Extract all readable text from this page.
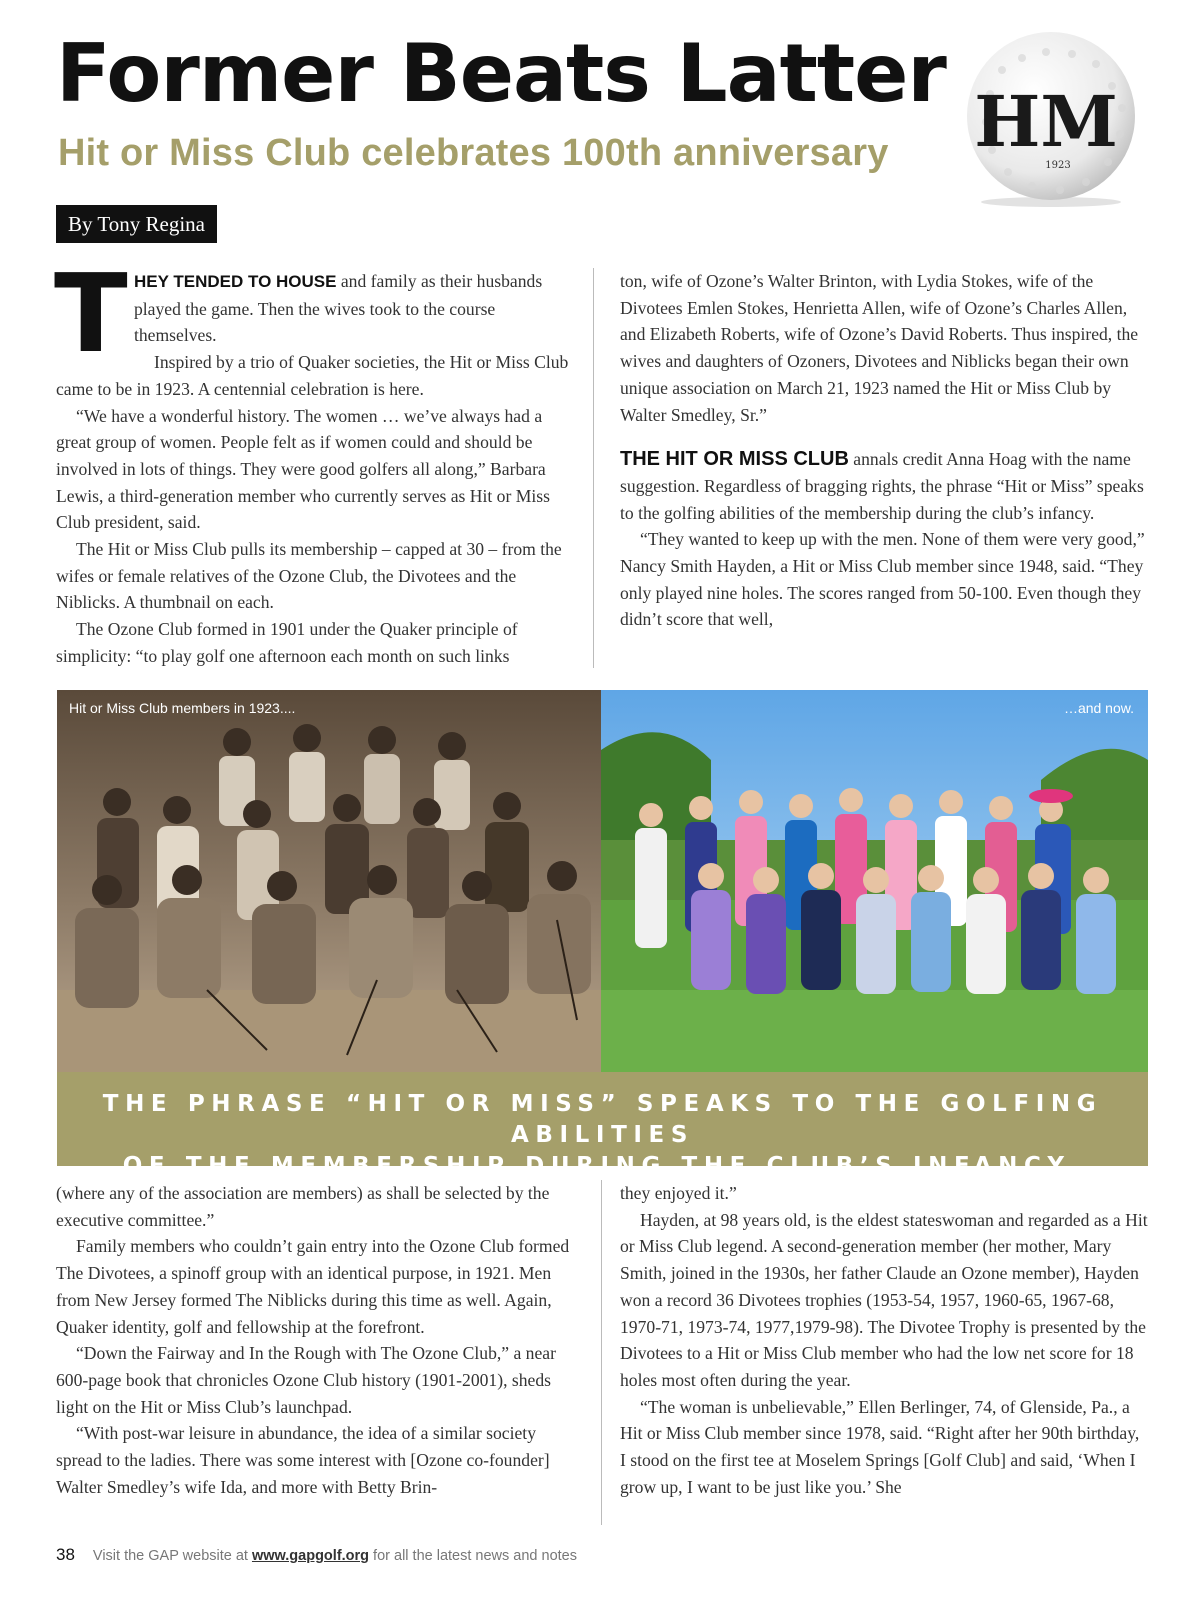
Former Beats Latter
Hit or Miss Club celebrates 100th anniversary HM
1923
By Tony Regina

THEY TENDED TO HOUSE and family as their husbands played the game. Then the wives took to the course themselves.

Inspired by a trio of Quaker societies, the Hit or Miss Club came to be in 1923. A centennial celebration is here.

“We have a wonderful history. The women … we’ve always had a great group of women. People felt as if women could and should be involved in lots of things. They were good golfers all along,” Barbara Lewis, a third-generation member who currently serves as Hit or Miss Club president, said.

The Hit or Miss Club pulls its membership – capped at 30 – from the wifes or female relatives of the Ozone Club, the Divotees and the Niblicks. A thumbnail on each.

The Ozone Club formed in 1901 under the Quaker principle of simplicity: “to play golf one afternoon each month on such links

ton, wife of Ozone’s Walter Brinton, with Lydia Stokes, wife of the Divotees Emlen Stokes, Henrietta Allen, wife of Ozone’s Charles Allen, and Elizabeth Roberts, wife of Ozone’s David Roberts. Thus inspired, the wives and daughters of Ozoners, Divotees and Niblicks began their own unique association on March 21, 1923 named the Hit or Miss Club by Walter Smedley, Sr.”

THE HIT OR MISS CLUB annals credit Anna Hoag with the name suggestion. Regardless of bragging rights, the phrase “Hit or Miss” speaks to the golfing abilities of the membership during the club’s infancy.

“They wanted to keep up with the men. None of them were very good,” Nancy Smith Hayden, a Hit or Miss Club member since 1948, said. “They only played nine holes. The scores ranged from 50-100. Even though they didn’t score that well,

Hit or Miss Club members in 1923....	…and now.
THE PHRASE “HIT OR MISS” SPEAKS TO THE GOLFING ABILITIES
OF THE MEMBERSHIP DURING THE CLUB’S INFANCY.

(where any of the association are members) as shall be selected by the executive committee.”

Family members who couldn’t gain entry into the Ozone Club formed The Divotees, a spinoff group with an identical purpose, in 1921. Men from New Jersey formed The Niblicks during this time as well. Again, Quaker identity, golf and fellowship at the forefront.

“Down the Fairway and In the Rough with The Ozone Club,” a near 600-page book that chronicles Ozone Club history (1901-2001), sheds light on the Hit or Miss Club’s launchpad.

“With post-war leisure in abundance, the idea of a similar society spread to the ladies. There was some interest with [Ozone co-founder] Walter Smedley’s wife Ida, and more with Betty Brin-

they enjoyed it.”

Hayden, at 98 years old, is the eldest stateswoman and regarded as a Hit or Miss Club legend. A second-generation member (her mother, Mary Smith, joined in the 1930s, her father Claude an Ozone member), Hayden won a record 36 Divotees trophies (1953-54, 1957, 1960-65, 1967-68, 1970-71, 1973-74, 1977,1979-98). The Divotee Trophy is presented by the Divotees to a Hit or Miss Club member who had the low net score for 18 holes most often during the year.

“The woman is unbelievable,” Ellen Berlinger, 74, of Glenside, Pa., a Hit or Miss Club member since 1978, said. “Right after her 90th birthday, I stood on the first tee at Moselem Springs [Golf Club] and said, ‘When I grow up, I want to be just like you.’ She

38 Visit the GAP website at www.gapgolf.org for all the latest news and notes
